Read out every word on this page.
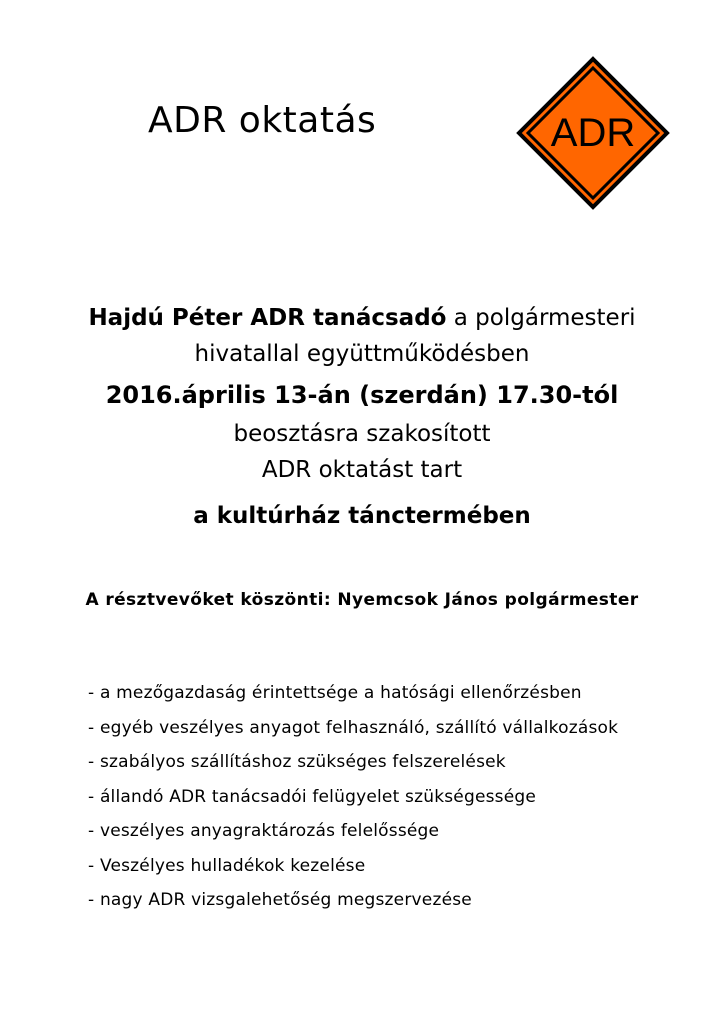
ADR oktatás	ADR
Hajdú Péter ADR tanácsadó a polgármesteri
hivatallal együttműködésben
2016.április 13-án (szerdán) 17.30-tól
beosztásra szakosított
ADR oktatást tart
a kultúrház tánctermében
A résztvevőket köszönti: Nyemcsok János polgármester
- a mezőgazdaság érintettsége a hatósági ellenőrzésben
- egyéb veszélyes anyagot felhasználó, szállító vállalkozások
- szabályos szállításhoz szükséges felszerelések
- állandó ADR tanácsadói felügyelet szükségessége
- veszélyes anyagraktározás felelőssége
- Veszélyes hulladékok kezelése
- nagy ADR vizsgalehetőség megszervezése
